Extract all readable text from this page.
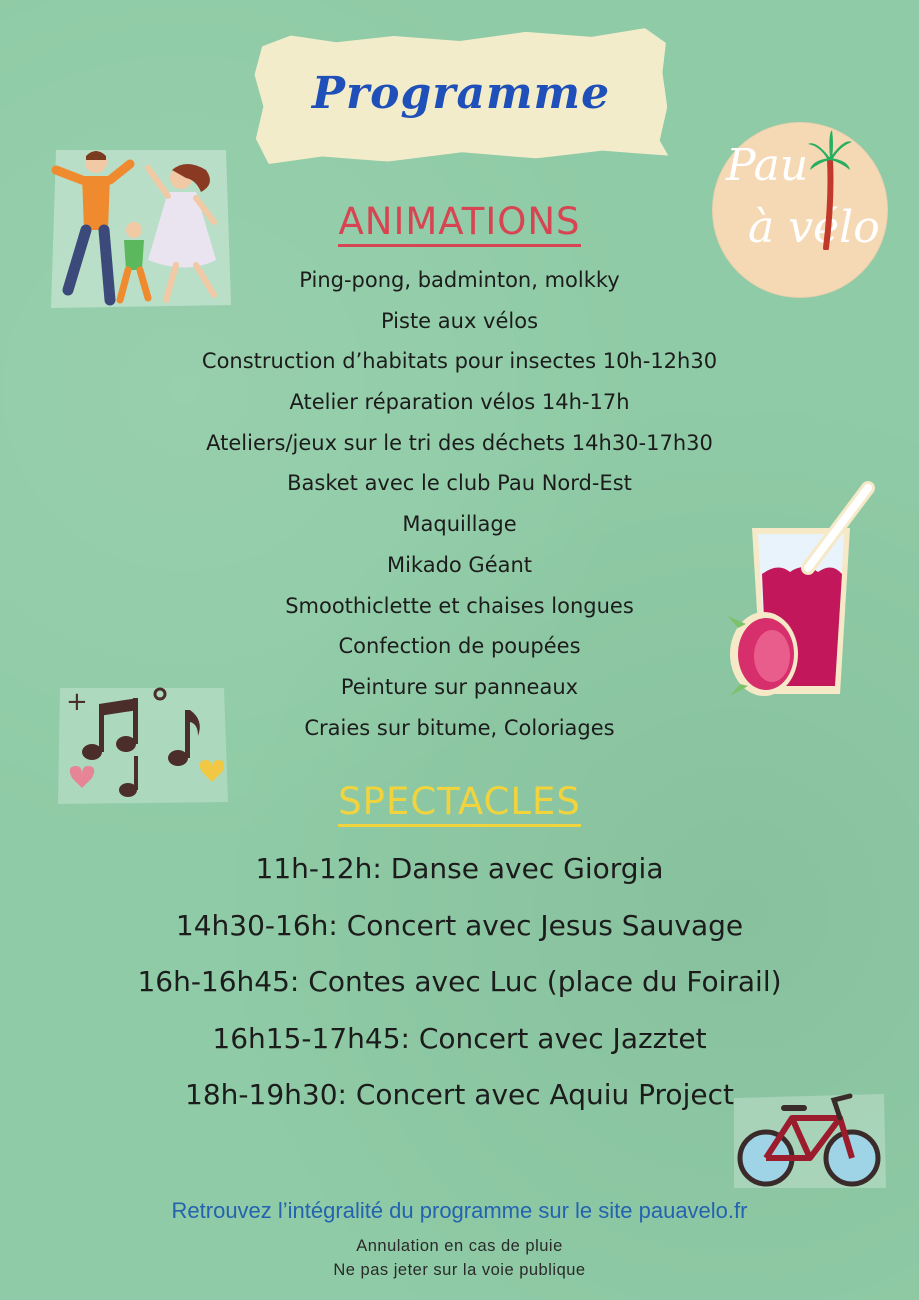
Programme
Pau
à vélo
+
ANIMATIONS
Ping-pong, badminton, molkky
Piste aux vélos
Construction d’habitats pour insectes 10h-12h30
Atelier réparation vélos 14h-17h
Ateliers/jeux sur le tri des déchets 14h30-17h30
Basket avec le club Pau Nord-Est
Maquillage
Mikado Géant
Smoothiclette et chaises longues
Confection de poupées
Peinture sur panneaux
Craies sur bitume, Coloriages
SPECTACLES
11h-12h: Danse avec Giorgia
14h30-16h: Concert avec Jesus Sauvage
16h-16h45: Contes avec Luc (place du Foirail)
16h15-17h45: Concert avec Jazztet
18h-19h30: Concert avec Aquiu Project
Retrouvez l’intégralité du programme sur le site pauavelo.fr
Annulation en cas de pluie
Ne pas jeter sur la voie publique
